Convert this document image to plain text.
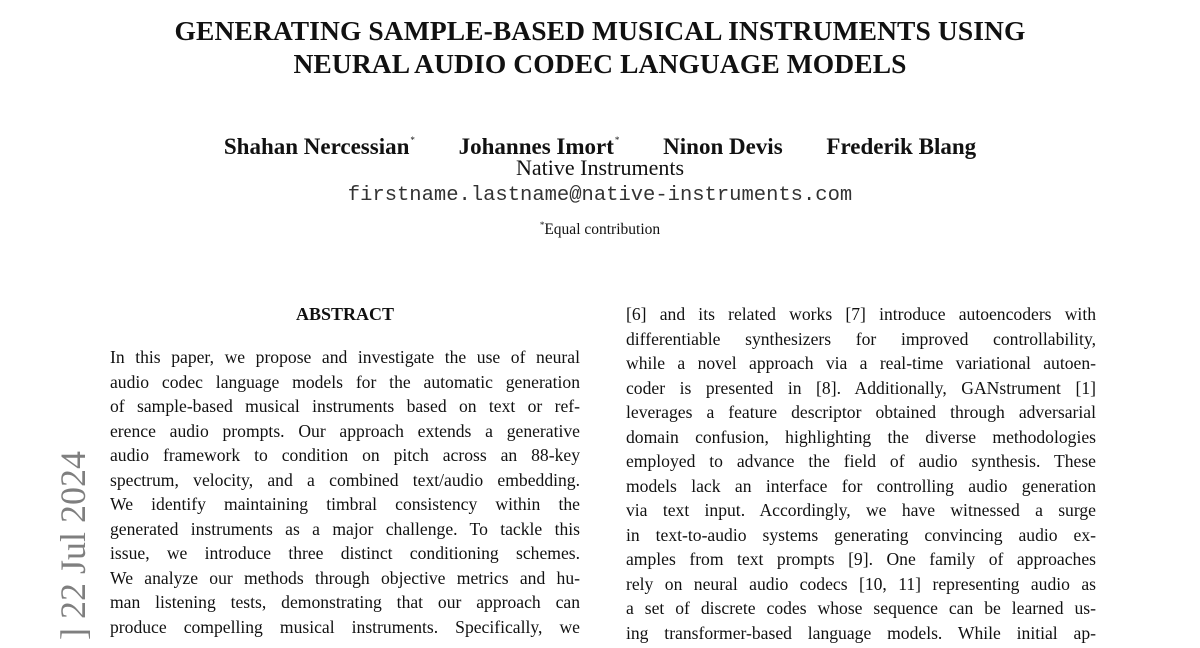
GENERATING SAMPLE-BASED MUSICAL INSTRUMENTS USING
NEURAL AUDIO CODEC LANGUAGE MODELS
Shahan Nercessian* Johannes Imort* Ninon Devis Frederik Blang
Native Instruments
firstname.lastname@native-instruments.com
*Equal contribution
] 22 Jul 2024
ABSTRACT
In this paper, we propose and investigate the use of neural
audio codec language models for the automatic generation
of sample-based musical instruments based on text or ref-
erence audio prompts. Our approach extends a generative
audio framework to condition on pitch across an 88-key
spectrum, velocity, and a combined text/audio embedding.
We identify maintaining timbral consistency within the
generated instruments as a major challenge. To tackle this
issue, we introduce three distinct conditioning schemes.
We analyze our methods through objective metrics and hu-
man listening tests, demonstrating that our approach can
produce compelling musical instruments. Specifically, we
[6] and its related works [7] introduce autoencoders with
differentiable synthesizers for improved controllability,
while a novel approach via a real-time variational autoen-
coder is presented in [8]. Additionally, GANstrument [1]
leverages a feature descriptor obtained through adversarial
domain confusion, highlighting the diverse methodologies
employed to advance the field of audio synthesis. These
models lack an interface for controlling audio generation
via text input. Accordingly, we have witnessed a surge
in text-to-audio systems generating convincing audio ex-
amples from text prompts [9]. One family of approaches
rely on neural audio codecs [10, 11] representing audio as
a set of discrete codes whose sequence can be learned us-
ing transformer-based language models. While initial ap-
